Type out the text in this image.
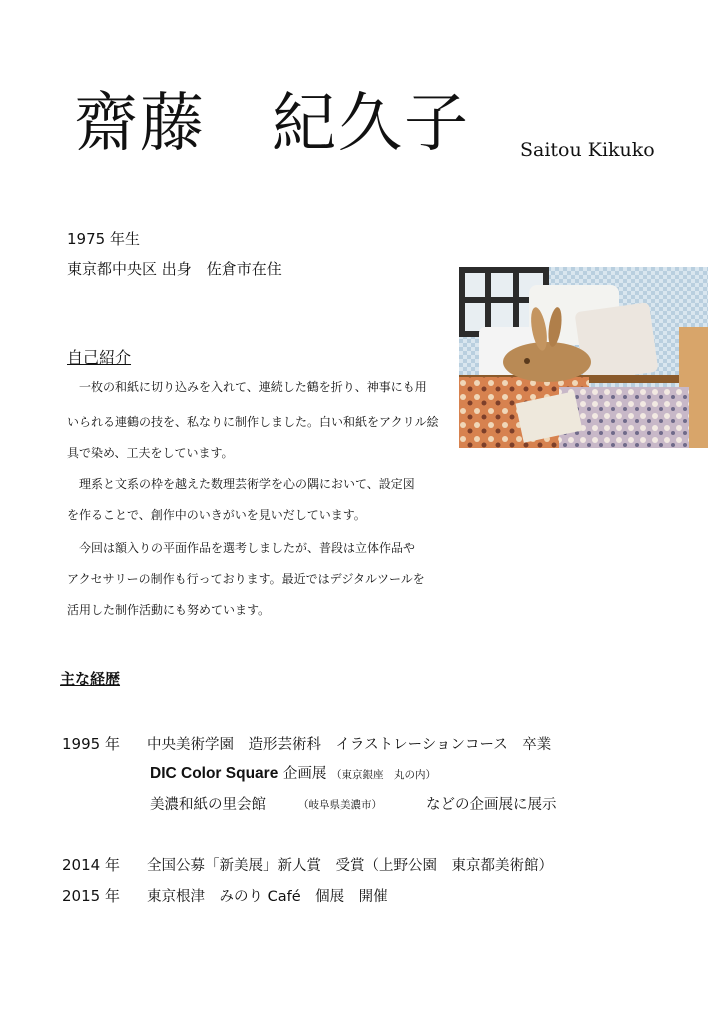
齋藤　紀久子	Saitou Kikuko
1975 年生
東京都中央区 出身　佐倉市在住
自己紹介
　一枚の和紙に切り込みを入れて、連続した鶴を折り、神事にも用
いられる連鶴の技を、私なりに制作しました。白い和紙をアクリル絵
具で染め、工夫をしています。
　理系と文系の枠を越えた数理芸術学を心の隅において、設定図
を作ることで、創作中のいきがいを見いだしています。
　今回は額入りの平面作品を選考しましたが、普段は立体作品や
アクセサリーの制作も行っております。最近ではデジタルツールを
活用した制作活動にも努めています。
主な経歴
1995 年 中央美術学園　造形芸術科　イラストレーションコース　卒業
DIC Color Square 企画展 （東京銀座　丸の内）
美濃和紙の里会館	（岐阜県美濃市）	などの企画展に展示
2014 年 全国公募「新美展」新人賞　受賞（上野公園　東京都美術館）
2015 年 東京根津　みのり Café　個展　開催
